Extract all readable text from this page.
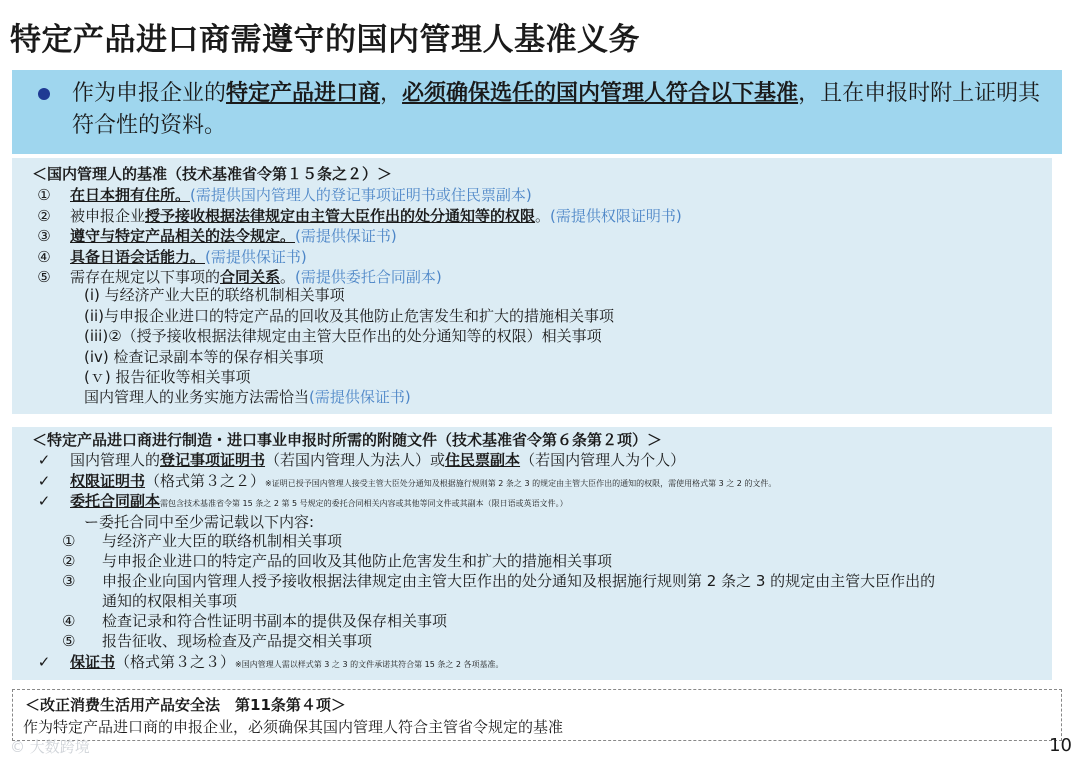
特定产品进口商需遵守的国内管理人基准义务
作为申报企业的特定产品进口商，必须确保选任的国内管理人符合以下基准，且在申报时附上证明其符合性的资料。
＜国内管理人的基准（技术基准省令第１５条之２）＞
① 在日本拥有住所。(需提供国内管理人的登记事项证明书或住民票副本)
② 被申报企业授予接收根据法律规定由主管大臣作出的处分通知等的权限。(需提供权限证明书)
③ 遵守与特定产品相关的法令规定。(需提供保证书)
④ 具备日语会话能力。(需提供保证书)
⑤ 需存在规定以下事项的合同关系。(需提供委托合同副本)
(i) 与经济产业大臣的联络机制相关事项
(ii)与申报企业进口的特定产品的回收及其他防止危害发生和扩大的措施相关事项
(iii)②（授予接收根据法律规定由主管大臣作出的处分通知等的权限）相关事项
(ⅰv) 检查记录副本等的保存相关事项
(ｖ) 报告征收等相关事项
国内管理人的业务实施方法需恰当(需提供保证书)
＜特定产品进口商进行制造・进口事业申报时所需的附随文件（技术基准省令第６条第２项）＞
✓ 国内管理人的登记事项证明书（若国内管理人为法人）或住民票副本（若国内管理人为个人）
✓ 权限证明书（格式第３之２）※证明已授予国内管理人接受主管大臣处分通知及根据施行规则第 2 条之 3 的规定由主管大臣作出的通知的权限，需使用格式第 3 之 2 的文件。
✓ 委托合同副本需包含技术基准省令第 15 条之 2 第 5 号规定的委托合同相关内容或其他等同文件或其副本（限日语或英语文件。）
ー委托合同中至少需记载以下内容:
① 与经济产业大臣的联络机制相关事项
② 与申报企业进口的特定产品的回收及其他防止危害发生和扩大的措施相关事项
③ 申报企业向国内管理人授予接收根据法律规定由主管大臣作出的处分通知及根据施行规则第 2 条之 3 的规定由主管大臣作出的
通知的权限相关事项
④ 检查记录和符合性证明书副本的提供及保存相关事项
⑤ 报告征收、现场检查及产品提交相关事项
✓ 保证书（格式第３之３）※国内管理人需以样式第 3 之 3 的文件承诺其符合第 15 条之 2 各项基准。
＜改正消费生活用产品安全法　第11条第４项＞
作为特定产品进口商的申报企业，必须确保其国内管理人符合主管省令规定的基准
© 大数跨境	10
